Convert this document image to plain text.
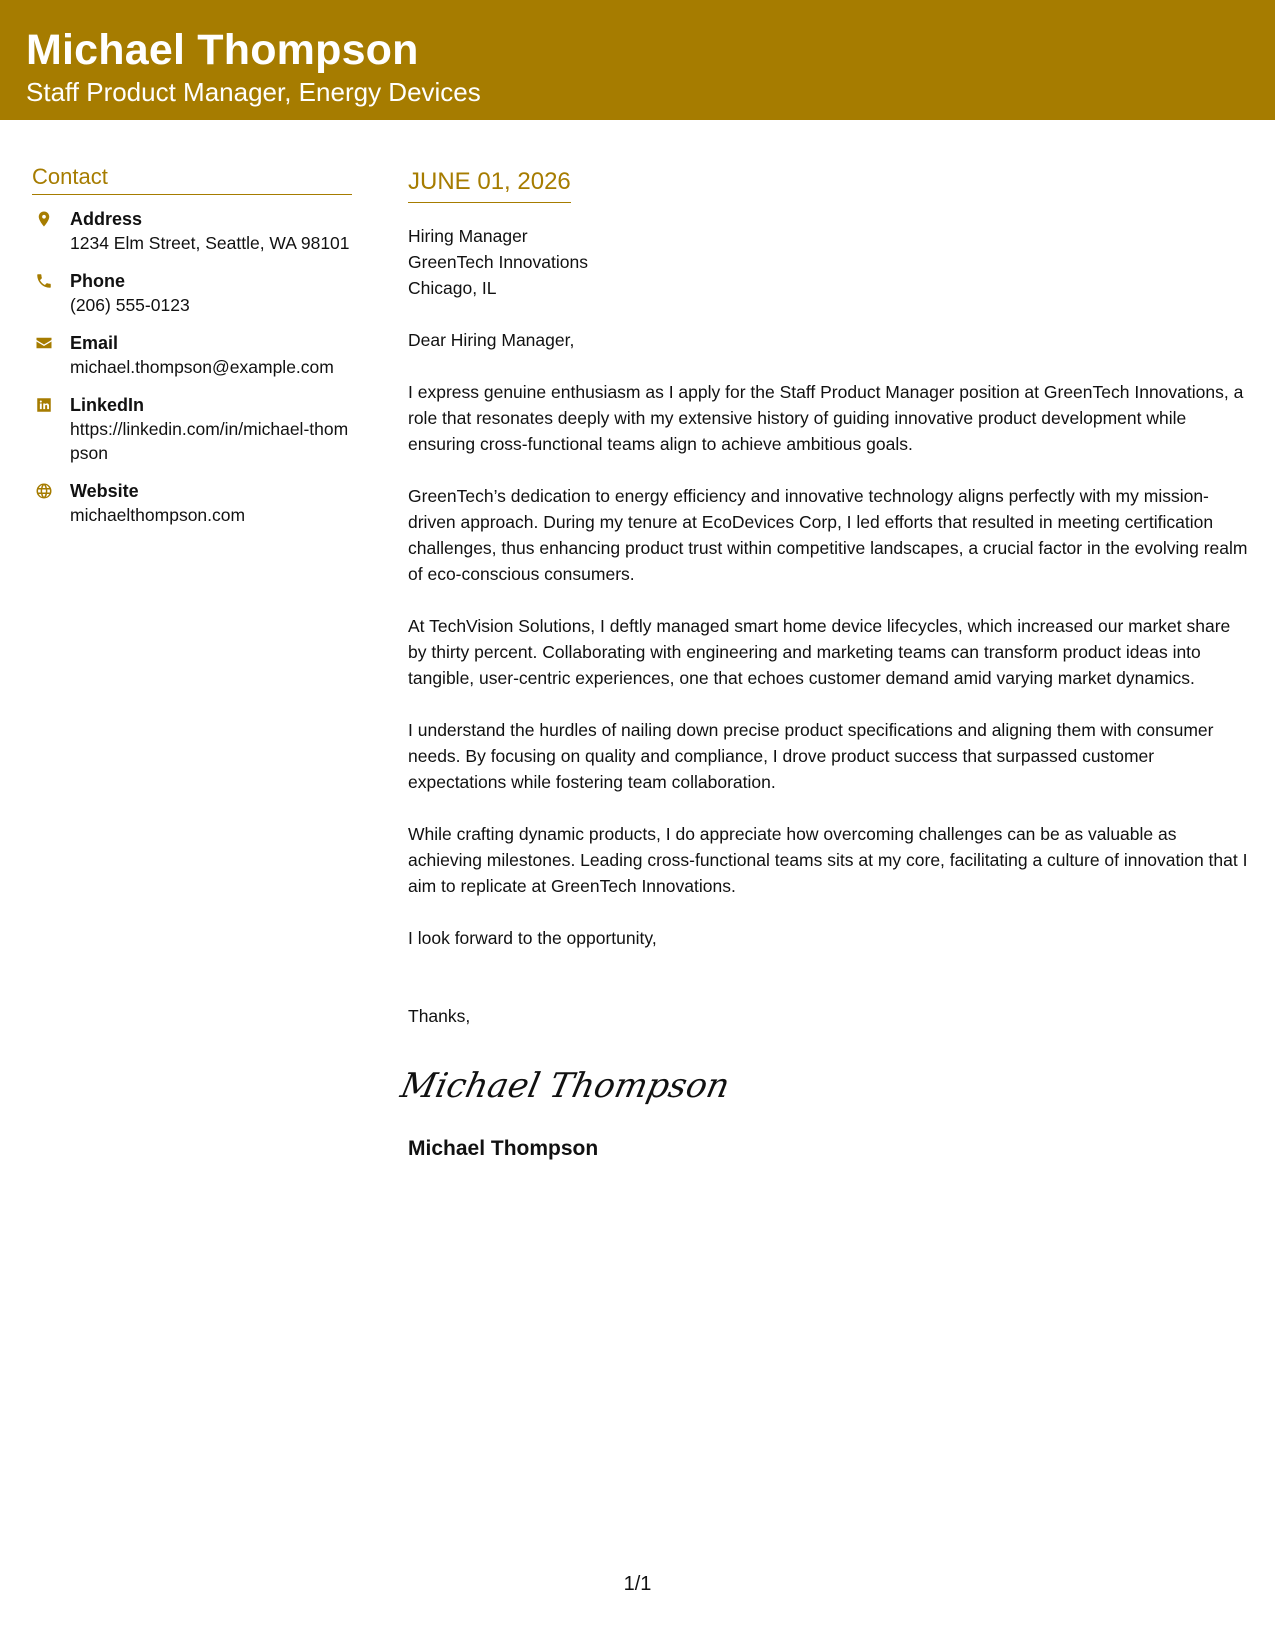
Michael Thompson
Staff Product Manager, Energy Devices
Contact
Address
1234 Elm Street, Seattle, WA 98101
Phone
(206) 555-0123
Email
michael.thompson@example.com
LinkedIn
https://linkedin.com/in/michael-thompson
Website
michaelthompson.com
JUNE 01, 2026
Hiring Manager
GreenTech Innovations
Chicago, IL
Dear Hiring Manager,
I express genuine enthusiasm as I apply for the Staff Product Manager position at GreenTech Innovations, a role that resonates deeply with my extensive history of guiding innovative product development while ensuring cross-functional teams align to achieve ambitious goals.
GreenTech’s dedication to energy efficiency and innovative technology aligns perfectly with my mission-driven approach. During my tenure at EcoDevices Corp, I led efforts that resulted in meeting certification challenges, thus enhancing product trust within competitive landscapes, a crucial factor in the evolving realm of eco-conscious consumers.
At TechVision Solutions, I deftly managed smart home device lifecycles, which increased our market share by thirty percent. Collaborating with engineering and marketing teams can transform product ideas into tangible, user-centric experiences, one that echoes customer demand amid varying market dynamics.
I understand the hurdles of nailing down precise product specifications and aligning them with consumer needs. By focusing on quality and compliance, I drove product success that surpassed customer expectations while fostering team collaboration.
While crafting dynamic products, I do appreciate how overcoming challenges can be as valuable as achieving milestones. Leading cross-functional teams sits at my core, facilitating a culture of innovation that I aim to replicate at GreenTech Innovations.
I look forward to the opportunity,
Thanks,
Michael Thompson
Michael Thompson
1/1
